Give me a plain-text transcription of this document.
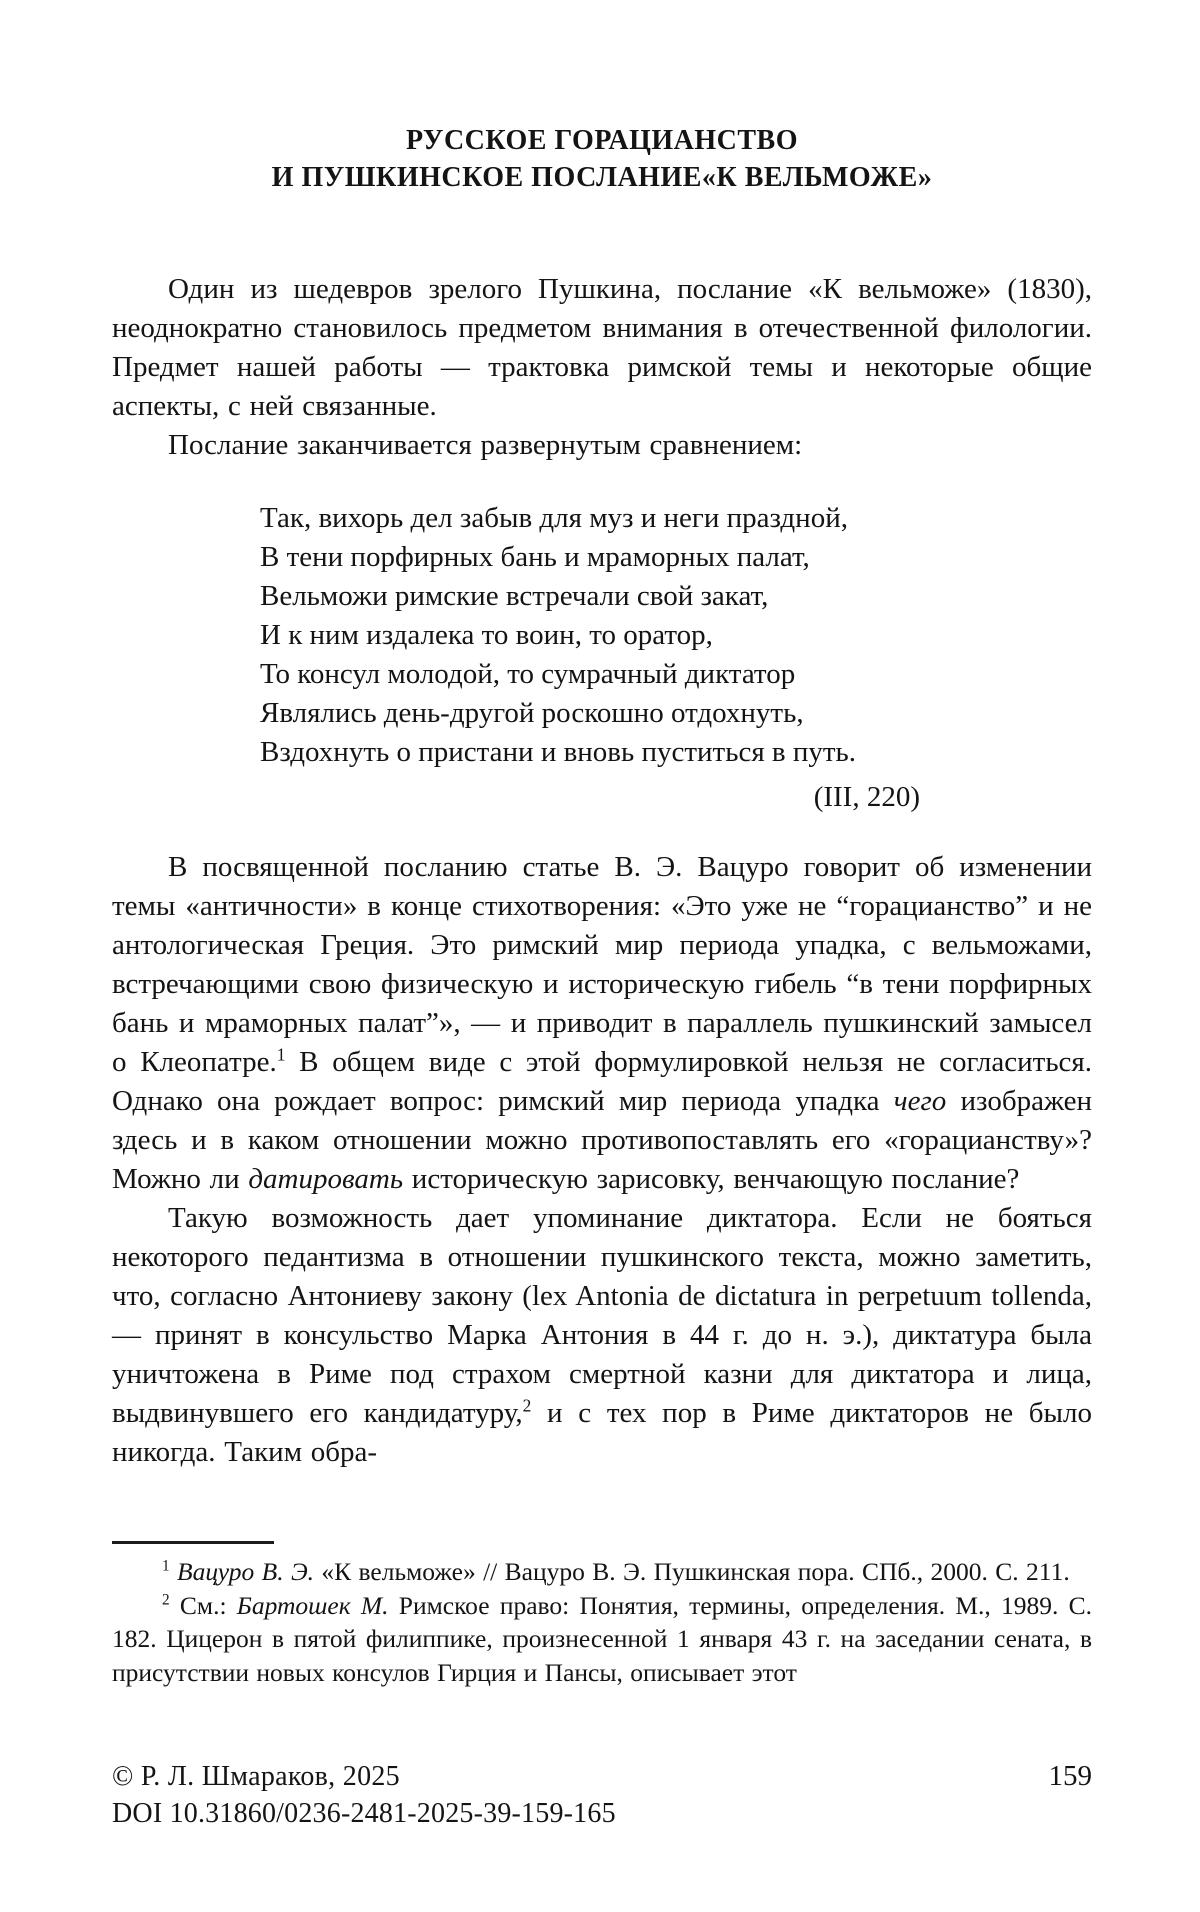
РУССКОЕ ГОРАЦИАНСТВО
И ПУШКИНСКОЕ ПОСЛАНИЕ«К ВЕЛЬМОЖЕ»

Один из шедевров зрелого Пушкина, послание «К вельможе» (1830), неоднократно становилось предметом внимания в отечественной филологии. Предмет нашей работы — трактовка римской темы и некоторые общие аспекты, с ней связанные.

Послание заканчивается развернутым сравнением:

Так, вихорь дел забыв для муз и неги праздной,
В тени порфирных бань и мраморных палат,
Вельможи римские встречали свой закат,
И к ним издалека то воин, то оратор,
То консул молодой, то сумрачный диктатор
Являлись день-другой роскошно отдохнуть,
Вздохнуть о пристани и вновь пуститься в путь.
(III, 220)

В посвященной посланию статье В. Э. Вацуро говорит об изменении темы «античности» в конце стихотворения: «Это уже не “горацианство” и не антологическая Греция. Это римский мир периода упадка, с вельможами, встречающими свою физическую и историческую гибель “в тени порфирных бань и мраморных палат”», — и приводит в параллель пушкинский замысел о Клеопатре.$^1$ В общем виде с этой формулировкой нельзя не согласиться. Однако она рождает вопрос: римский мир периода упадка чего изображен здесь и в каком отношении можно противопоставлять его «горацианству»? Можно ли датировать историческую зарисовку, венчающую послание?

Такую возможность дает упоминание диктатора. Если не бояться некоторого педантизма в отношении пушкинского текста, можно заметить, что, согласно Антониеву закону (lex Antonia de dictatura in perpetuum tollenda, — принят в консульство Марка Антония в 44 г. до н. э.), диктатура была уничтожена в Риме под страхом смертной казни для диктатора и лица, выдвинувшего его кандидатуру,$^2$ и с тех пор в Риме диктаторов не было никогда. Таким обра-

$^1$ Вацуро В. Э. «К вельможе» // Вацуро В. Э. Пушкинская пора. СПб., 2000. С. 211.

$^2$ См.: Бартошек М. Римское право: Понятия, термины, определения. М., 1989. С. 182. Цицерон в пятой филиппике, произнесенной 1 января 43 г. на заседании сената, в присутствии новых консулов Гирция и Пансы, описывает этот

© Р. Л. Шмараков, 2025	159
DOI 10.31860/0236-2481-2025-39-159-165
